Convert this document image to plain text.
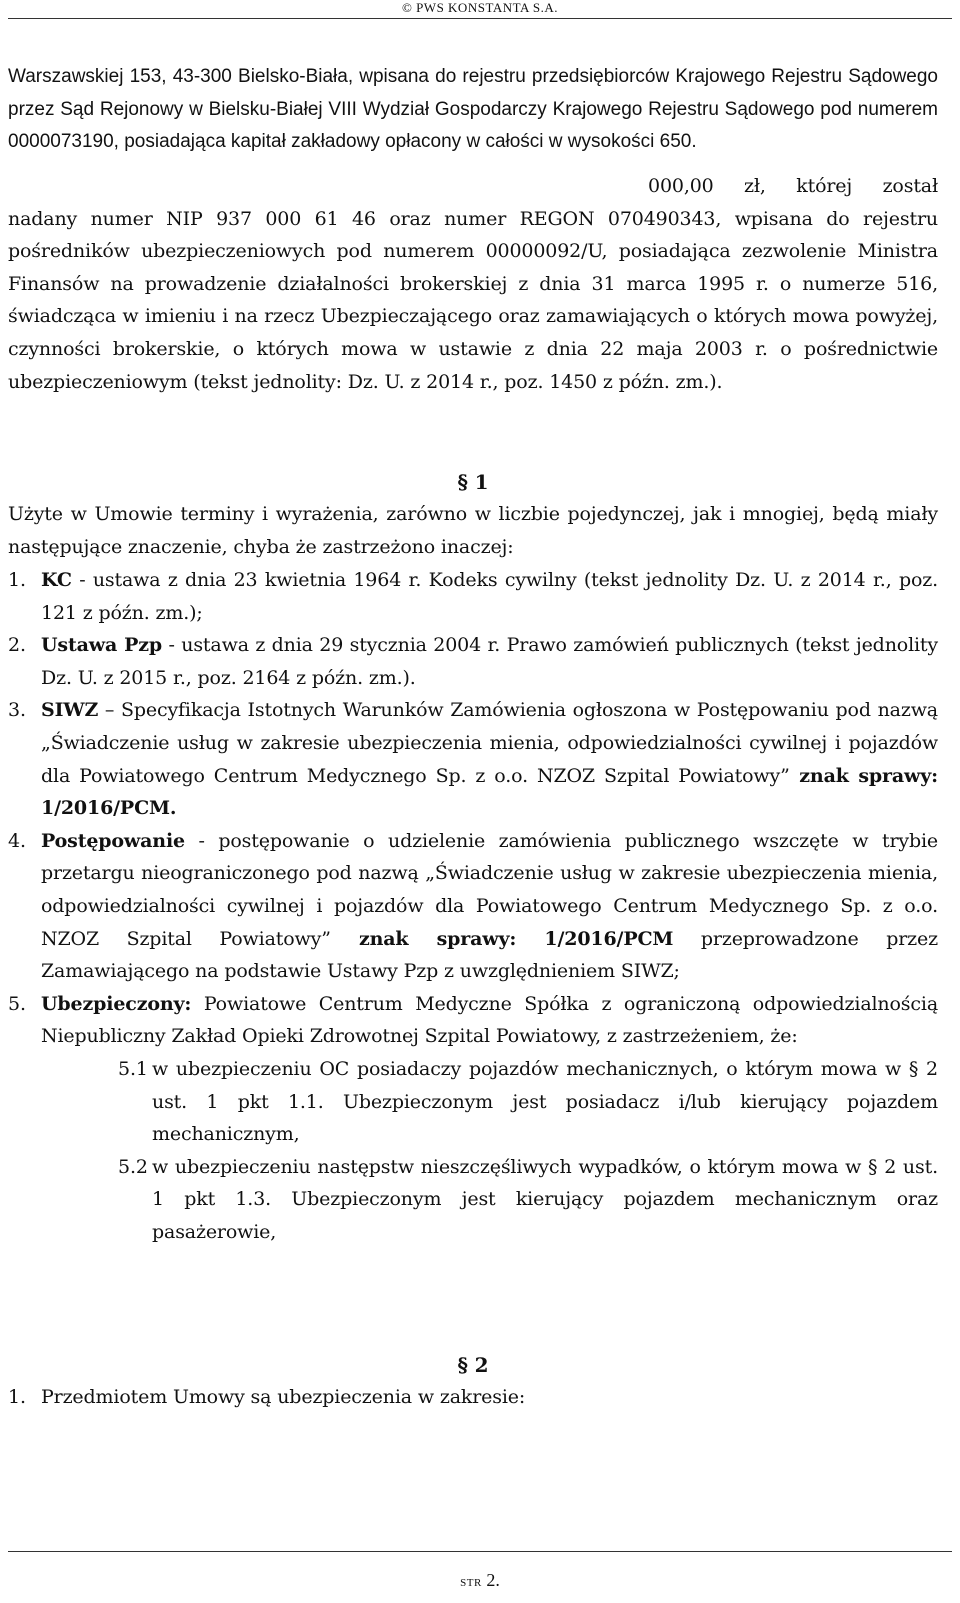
© PWS KONSTANTA S.A.
Warszawskiej 153, 43-300 Bielsko-Biała, wpisana do rejestru przedsiębiorców Krajowego Rejestru Sądowego przez Sąd Rejonowy w Bielsku-Białej VIII Wydział Gospodarczy Krajowego Rejestru Sądowego pod numerem 0000073190, posiadająca kapitał zakładowy opłacony w całości w wysokości 650.
000,00 zł, której został nadany numer NIP 937 000 61 46 oraz numer REGON 070490343, wpisana do rejestru pośredników ubezpieczeniowych pod numerem 00000092/U, posiadająca zezwolenie Ministra Finansów na prowadzenie działalności brokerskiej z dnia 31 marca 1995 r. o numerze 516, świadcząca w imieniu i na rzecz Ubezpieczającego oraz zamawiających o których mowa powyżej, czynności brokerskie, o których mowa w ustawie z dnia 22 maja 2003 r. o pośrednictwie ubezpieczeniowym (tekst jednolity: Dz. U. z 2014 r., poz. 1450 z późn. zm.).
§ 1
Użyte w Umowie terminy i wyrażenia, zarówno w liczbie pojedynczej, jak i mnogiej, będą miały następujące znaczenie, chyba że zastrzeżono inaczej:
1. KC - ustawa z dnia 23 kwietnia 1964 r. Kodeks cywilny (tekst jednolity Dz. U. z 2014 r., poz. 121 z późn. zm.);
2. Ustawa Pzp - ustawa z dnia 29 stycznia 2004 r. Prawo zamówień publicznych (tekst jednolity Dz. U. z 2015 r., poz. 2164 z późn. zm.).
3. SIWZ – Specyfikacja Istotnych Warunków Zamówienia ogłoszona w Postępowaniu pod nazwą „Świadczenie usług w zakresie ubezpieczenia mienia, odpowiedzialności cywilnej i pojazdów dla Powiatowego Centrum Medycznego Sp. z o.o. NZOZ Szpital Powiatowy” znak sprawy: 1/2016/PCM.
4. Postępowanie - postępowanie o udzielenie zamówienia publicznego wszczęte w trybie przetargu nieograniczonego pod nazwą „Świadczenie usług w zakresie ubezpieczenia mienia, odpowiedzialności cywilnej i pojazdów dla Powiatowego Centrum Medycznego Sp. z o.o. NZOZ Szpital Powiatowy” znak sprawy: 1/2016/PCM przeprowadzone przez Zamawiającego na podstawie Ustawy Pzp z uwzględnieniem SIWZ;
5. Ubezpieczony: Powiatowe Centrum Medyczne Spółka z ograniczoną odpowiedzialnością Niepubliczny Zakład Opieki Zdrowotnej Szpital Powiatowy, z zastrzeżeniem, że:
5.1 w ubezpieczeniu OC posiadaczy pojazdów mechanicznych, o którym mowa w § 2 ust. 1 pkt 1.1. Ubezpieczonym jest posiadacz i/lub kierujący pojazdem mechanicznym,
5.2 w ubezpieczeniu następstw nieszczęśliwych wypadków, o którym mowa w § 2 ust. 1 pkt 1.3. Ubezpieczonym jest kierujący pojazdem mechanicznym oraz pasażerowie,
§ 2
1. Przedmiotem Umowy są ubezpieczenia w zakresie:
STR 2.
